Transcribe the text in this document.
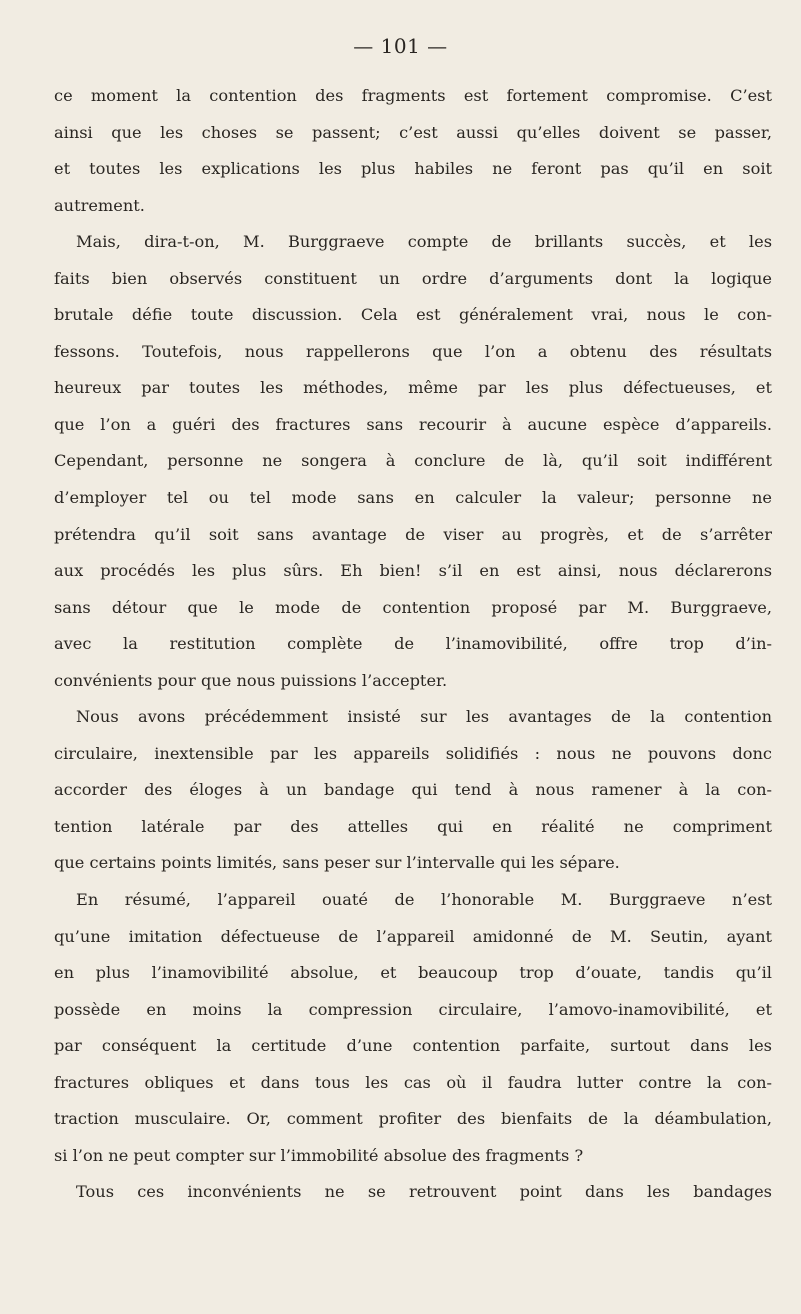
— 101 —
ce moment la contention des fragments est fortement compromise. C’est
ainsi que les choses se passent; c’est aussi qu’elles doivent se passer,
et toutes les explications les plus habiles ne feront pas qu’il en soit
autrement.
Mais, dira-t-on, M. Burggraeve compte de brillants succès, et les
faits bien observés constituent un ordre d’arguments dont la logique
brutale défie toute discussion. Cela est généralement vrai, nous le con-
fessons. Toutefois, nous rappellerons que l’on a obtenu des résultats
heureux par toutes les méthodes, même par les plus défectueuses, et
que l’on a guéri des fractures sans recourir à aucune espèce d’appareils.
Cependant, personne ne songera à conclure de là, qu’il soit indifférent
d’employer tel ou tel mode sans en calculer la valeur; personne ne
prétendra qu’il soit sans avantage de viser au progrès, et de s’arrêter
aux procédés les plus sûrs. Eh bien! s’il en est ainsi, nous déclarerons
sans détour que le mode de contention proposé par M. Burggraeve,
avec la restitution complète de l’inamovibilité, offre trop d’in-
convénients pour que nous puissions l’accepter.
Nous avons précédemment insisté sur les avantages de la contention
circulaire, inextensible par les appareils solidifiés : nous ne pouvons donc
accorder des éloges à un bandage qui tend à nous ramener à la con-
tention latérale par des attelles qui en réalité ne compriment
que certains points limités, sans peser sur l’intervalle qui les sépare.
En résumé, l’appareil ouaté de l’honorable M. Burggraeve n’est
qu’une imitation défectueuse de l’appareil amidonné de M. Seutin, ayant
en plus l’inamovibilité absolue, et beaucoup trop d’ouate, tandis qu’il
possède en moins la compression circulaire, l’amovo-inamovibilité, et
par conséquent la certitude d’une contention parfaite, surtout dans les
fractures obliques et dans tous les cas où il faudra lutter contre la con-
traction musculaire. Or, comment profiter des bienfaits de la déambulation,
si l’on ne peut compter sur l’immobilité absolue des fragments ?
Tous ces inconvénients ne se retrouvent point dans les bandages
